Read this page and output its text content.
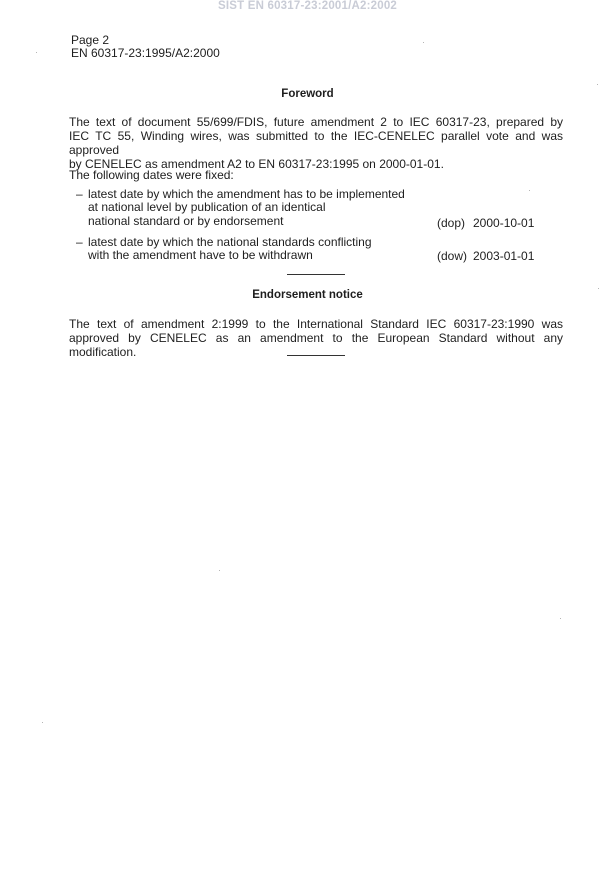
SIST EN 60317-23:2001/A2:2002
Page 2
EN 60317-23:1995/A2:2000
Foreword
The text of document 55/699/FDIS, future amendment 2 to IEC 60317-23, prepared by
IEC TC 55, Winding wires, was submitted to the IEC-CENELEC parallel vote and was approved
by CENELEC as amendment A2 to EN 60317-23:1995 on 2000-01-01.
The following dates were fixed:
– latest date by which the amendment has to be implemented
at national level by publication of an identical
national standard or by endorsement	(dop) 2000-10-01
– latest date by which the national standards conflicting
with the amendment have to be withdrawn	(dow) 2003-01-01
Endorsement notice
The text of amendment 2:1999 to the International Standard IEC 60317-23:1990 was
approved by CENELEC as an amendment to the European Standard without any modification.
